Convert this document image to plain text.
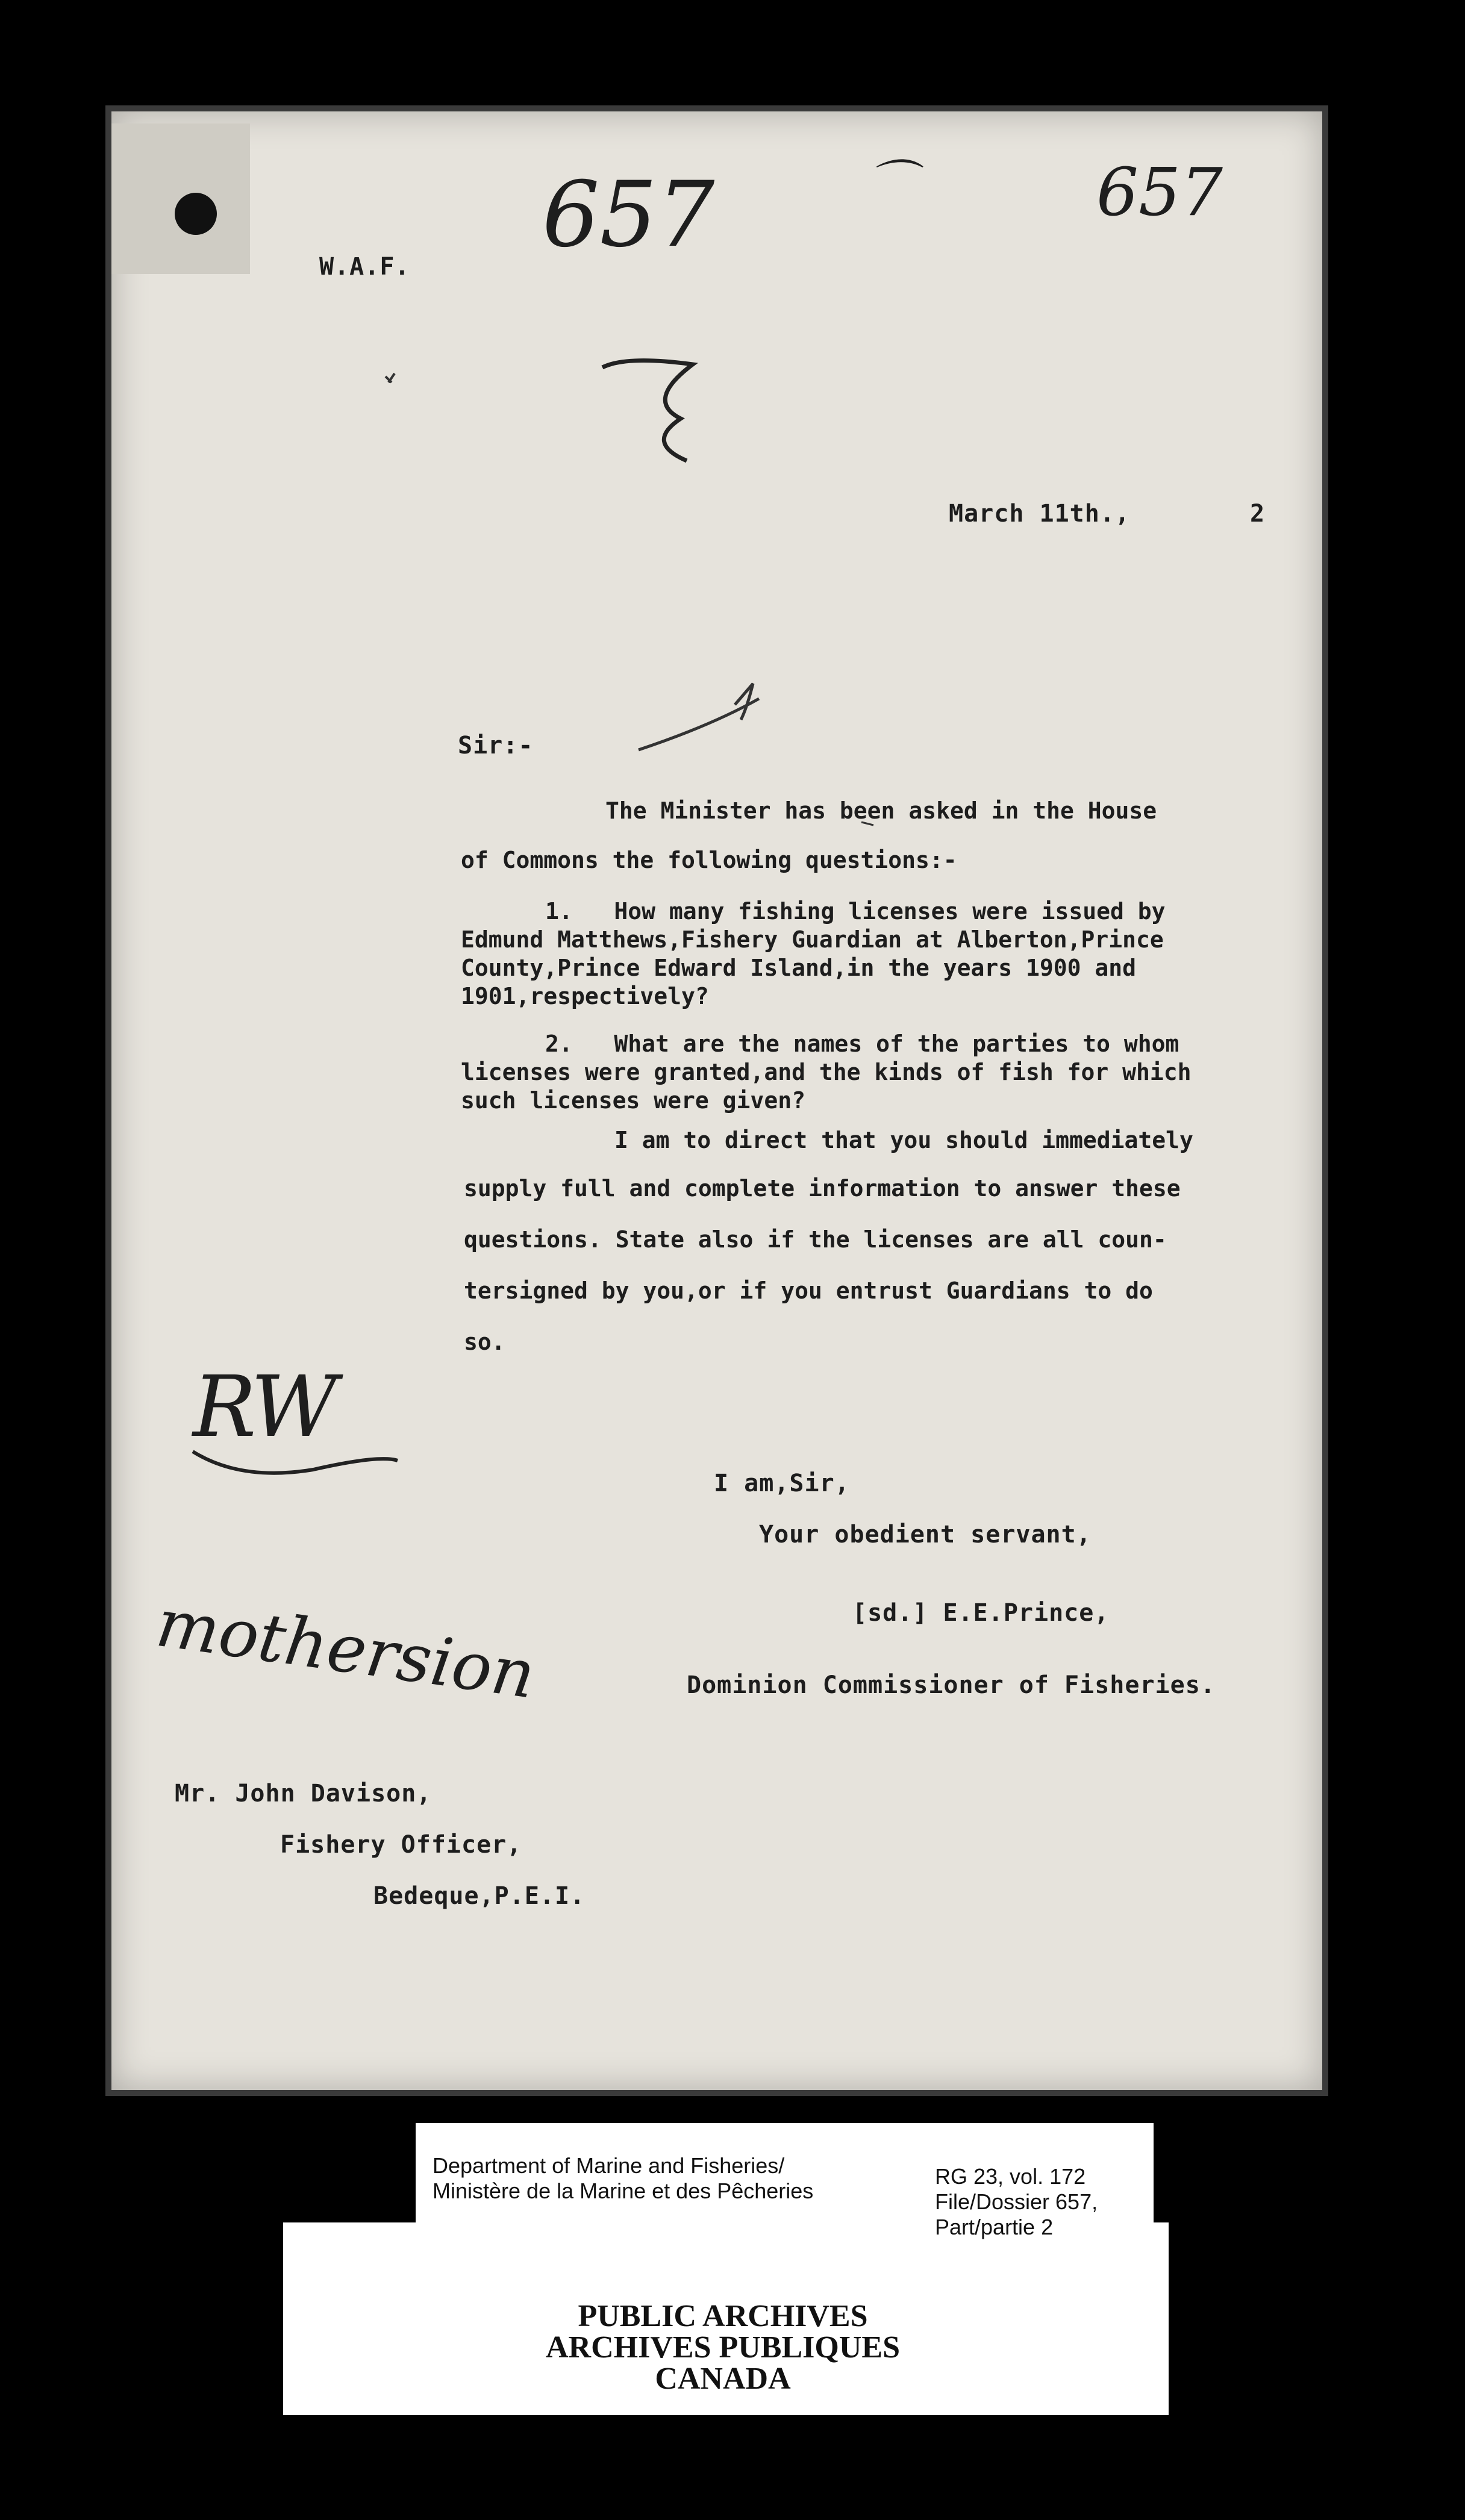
657	⌒	657
W.A.F.
March 11th.,	2
Sir:-
The Minister has been asked in the House
of Commons the following questions:-
1.   How many fishing licenses were issued by
Edmund Matthews,Fishery Guardian at Alberton,Prince
County,Prince Edward Island,in the years 1900 and
1901,respectively?
2.   What are the names of the parties to whom
licenses were granted,and the kinds of fish for which
such licenses were given?
I am to direct that you should immediately
supply full and complete information to answer these
questions. State also if the licenses are all coun-
tersigned by you,or if you entrust Guardians to do
so.
RW
mothersion
I am,Sir,
Your obedient servant,
[sd.] E.E.Prince,
Dominion Commissioner of Fisheries.
Mr. John Davison,
Fishery Officer,
Bedeque,P.E.I.
Department of Marine and Fisheries/
Ministère de la Marine et des Pêcheries
RG 23, vol. 172
File/Dossier 657,
Part/partie 2
PUBLIC ARCHIVES
ARCHIVES PUBLIQUES
CANADA
